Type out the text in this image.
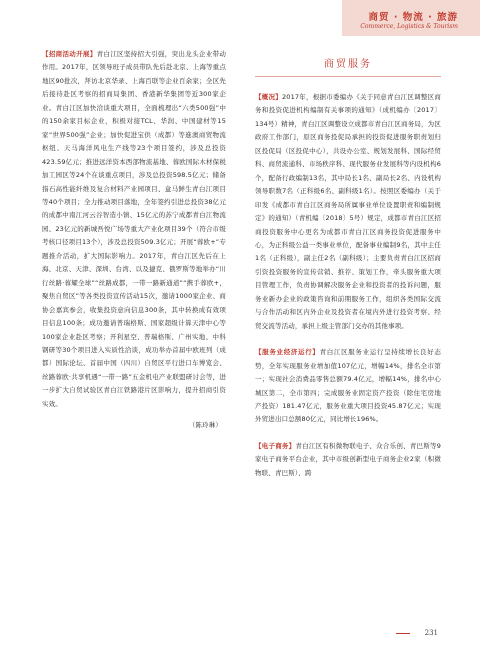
商贸 · 物流 · 旅游
Commerce, Logistics & Tourism

【招商活动开展】青白江区坚持招大引强，突出龙头企业带动作用。2017年，区领导班子成员带队先后赴北京、上海等重点地区90批次，拜访北京华录、上海百联等企业百余家；全区先后接待赴区考察的招商局集团、香港新华集团等近300家企业。青白江区加快洽谈重大项目，全面梳理出“六类500强”中的150余家目标企业，积极对接TCL、华润、中国建材等15家“世界500强”企业；加快促进宝供（成都）等進澳商贸物流枢纽、天马海洋风电生产线等23个项目签约，涉及总投资423.59亿元；推进远洋资本西部物流基地、蓉欧国际木材保税加工园区等24个在谈重点项目，涉及总投资598.5亿元；储备指石高性能纤维及复合材料产业园项目、盒马鲜生青白江项目等40个项目；全力推动项目落地，全年签约引进总投资38亿元的成都中南江河云谷智造小镇、15亿元的苏宁成都青白江物流园、23亿元的新城吾悦广场等重大产业化项目39个（符合市级考核口径项目13个），涉及总投资509.3亿元；开展“蓉欧+”专题推介活动，扩大国际影响力。2017年，青白江区先后在上海、北京、天津、深圳、台湾、以及捷克、俄罗斯等地举办“川行丝路·蓉耀全球”“丝路成都，一带一路新通道”“携手蓉欧+，聚焦自贸区”等各类投资宣传活动15次，邀请1000家企业、商协会嘉宾参会，收集投资意向信息300条，其中转换成有效项目信息100条；成功邀请普瑞格斯、国家超级计算天津中心等100家企业赴区考察；开利星空、普瑞格斯、广州实地、中科钢研等30个项目进入实质性洽谈，成功举办首届中欧班列（成都）国际论坛、首届中国（四川）自贸区平行进口车博览会、丝路蓉欧·共享机遇“一带一路”五金机电产业联盟研讨会等，进一步扩大自贸试验区青白江铁路港片区影响力，提升招商引资实效。

（陈玲琳）
商贸服务

【概况】2017年，根据市委编办《关于同意青白江区调整区商务和投资促进机构编制有关事项的通知》（成机编办〔2017〕134号）精神，青白江区调整设立成都市青白江区商务局，为区政府工作部门，原区商务投促局承担的投资促进服务职责划归区投促局（区投促中心），共设办公室、规划发展科、国际经贸科、商贸流通科、市场秩序科、现代服务业发展科等内设机构6个，配备行政编制13名，其中局长1名、副局长2名、内设机构领导职数7名（正科级6名、副科级1名）。按照区委编办（关于印发《成都市青白江区商务局所属事业单位设置职责和编制规定》的通知）（青机编〔2018〕5号）规定，成都市青白江区招商投资服务中心更名为成都市青白江区商务投资促进服务中心，为正科级公益一类事业单位，配备事业编制9名，其中主任1名（正科级），副主任2名（副科级）；主要负责青白江区招商引资投资服务的宣传营销、推荐、策划工作，牵头服务重大项目管理工作，负责协调解决服务企业和投资者的投诉问题，服务业新办企业的政策咨询和前期服务工作，组织各类国际交流与合作活动和区内外企业及投资者在境内外进行投资考察、经贸交流等活动，承担上级主管部门交办的其他事项。

【服务业经济运行】青白江区服务业运行呈持续增长良好态势，全年实现服务业增加值107亿元，增幅14%，排名全市第一；实现社会消费品零售总额79.4亿元，增幅14%，排名中心城区第二，全市第四；完成服务业固定资产投资（除住宅房地产投资）181.47亿元，服务业重大项目投资45.87亿元；实现外贸进出口总额80亿元，同比增长196%。

【电子商务】青白江区有积微物联电子、众合乐创、青巴斯等9家电子商务平台企业，其中市级创新型电子商务企业2家（积微物联、青巴斯）、跨

231
